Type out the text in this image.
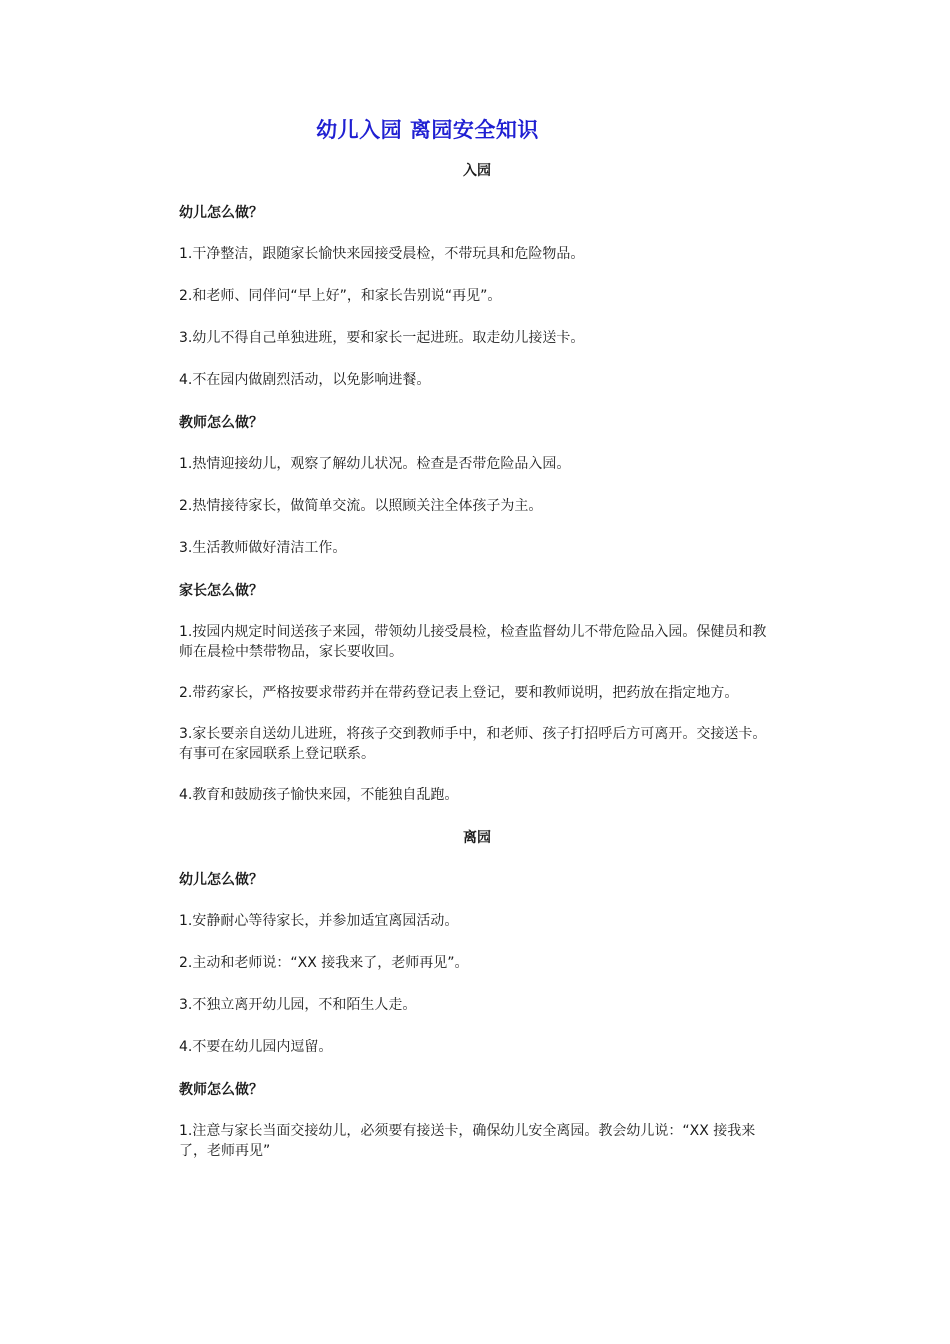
幼儿入园 离园安全知识
入园
幼儿怎么做？
1.干净整洁，跟随家长愉快来园接受晨检，不带玩具和危险物品。
2.和老师、同伴问“早上好”，和家长告别说“再见”。
3.幼儿不得自己单独进班，要和家长一起进班。取走幼儿接送卡。
4.不在园内做剧烈活动，以免影响进餐。
教师怎么做？
1.热情迎接幼儿，观察了解幼儿状况。检查是否带危险品入园。
2.热情接待家长，做简单交流。以照顾关注全体孩子为主。
3.生活教师做好清洁工作。
家长怎么做？
1.按园内规定时间送孩子来园，带领幼儿接受晨检，检查监督幼儿不带危险品入园。保健员和教师在晨检中禁带物品，家长要收回。
2.带药家长，严格按要求带药并在带药登记表上登记，要和教师说明，把药放在指定地方。
3.家长要亲自送幼儿进班，将孩子交到教师手中，和老师、孩子打招呼后方可离开。交接送卡。有事可在家园联系上登记联系。
4.教育和鼓励孩子愉快来园，不能独自乱跑。
离园
幼儿怎么做？
1.安静耐心等待家长，并参加适宜离园活动。
2.主动和老师说：“XX 接我来了，老师再见”。
3.不独立离开幼儿园，不和陌生人走。
4.不要在幼儿园内逗留。
教师怎么做？
1.注意与家长当面交接幼儿，必须要有接送卡，确保幼儿安全离园。教会幼儿说：“XX 接我来了，老师再见”
